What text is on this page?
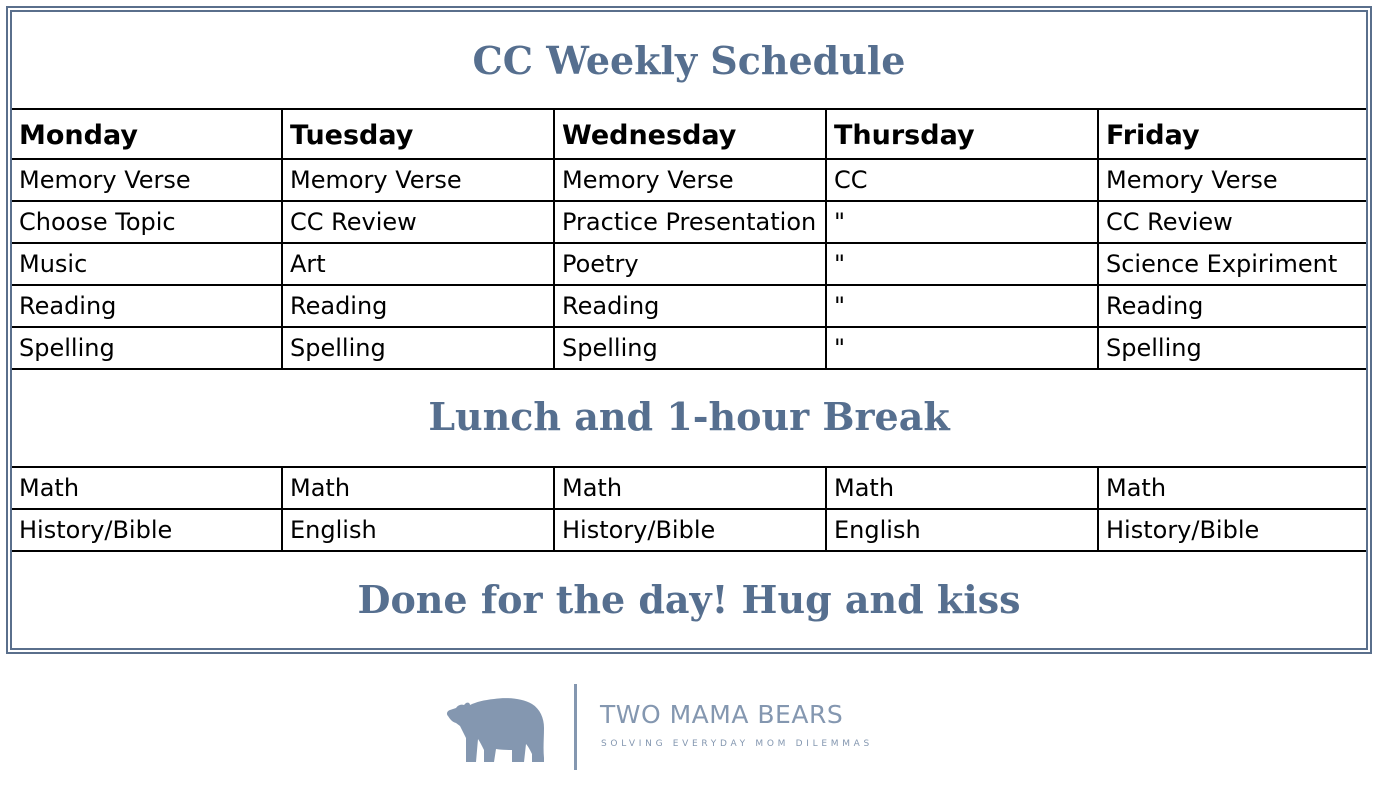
CC Weekly Schedule
Monday	Tuesday	Wednesday	Thursday	Friday
Memory Verse	Memory Verse	Memory Verse	CC	Memory Verse
Choose Topic	CC Review	Practice Presentation	"	CC Review
Music	Art	Poetry	"	Science Expiriment
Reading	Reading	Reading	"	Reading
Spelling	Spelling	Spelling	"	Spelling
Lunch and 1-hour Break
Math	Math	Math	Math	Math
History/Bible	English	History/Bible	English	History/Bible
Done for the day! Hug and kiss
TWO MAMA BEARS
SOLVING EVERYDAY MOM DILEMMAS
